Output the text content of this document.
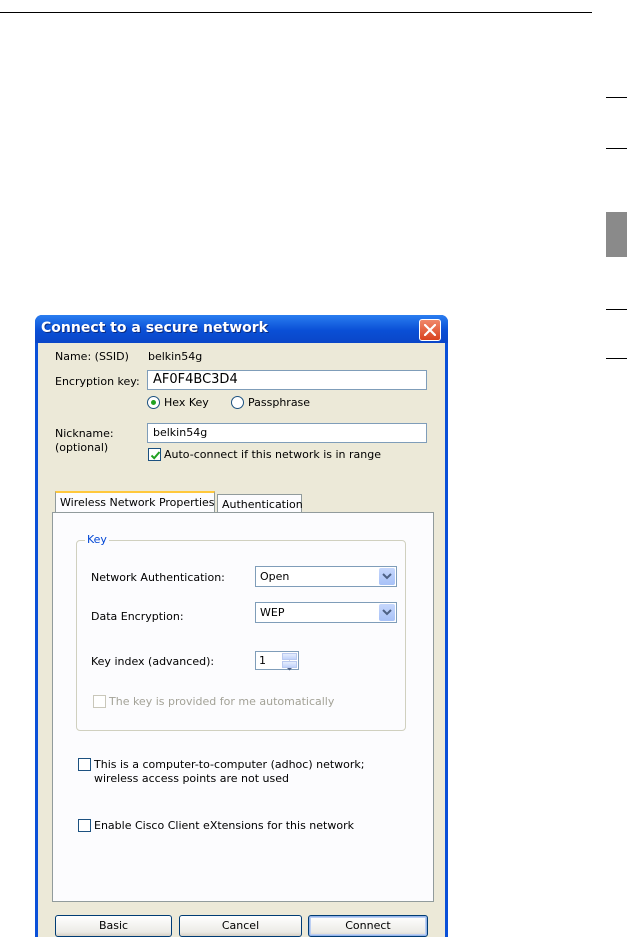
Connect to a secure network
Name: (SSID) belkin54g
Encryption key:	AF0F4BC3D4
Hex Key	Passphrase
Nickname:
(optional)
belkin54g
Auto-connect if this network is in range
Wireless Network Properties Authentication
Key
Network Authentication:	Open
Data Encryption:	WEP
Key index (advanced):	1
The key is provided for me automatically
This is a computer-to-computer (adhoc) network;
wireless access points are not used
Enable Cisco Client eXtensions for this network
Basic	Cancel	Connect
